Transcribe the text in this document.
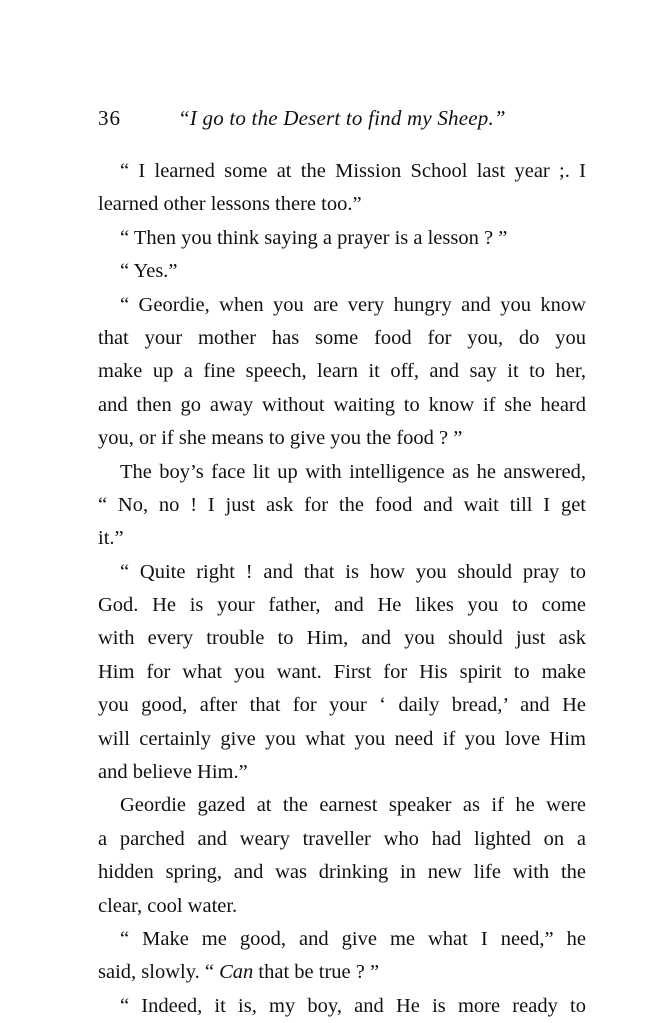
36	“I go to the Desert to find my Sheep.”
“ I learned some at the Mission School last year ;. I
learned other lessons there too.”
“ Then you think saying a prayer is a lesson ? ”
“ Yes.”
“ Geordie, when you are very hungry and you know
that your mother has some food for you, do you
make up a fine speech, learn it off, and say it to her,
and then go away without waiting to know if she heard
you, or if she means to give you the food ? ”
The boy’s face lit up with intelligence as he answered,
“ No, no ! I just ask for the food and wait till I get
it.”
“ Quite right ! and that is how you should pray to
God. He is your father, and He likes you to come
with every trouble to Him, and you should just ask
Him for what you want. First for His spirit to make
you good, after that for your ‘ daily bread,’ and He
will certainly give you what you need if you love Him
and believe Him.”
Geordie gazed at the earnest speaker as if he were
a parched and weary traveller who had lighted on a
hidden spring, and was drinking in new life with the
clear, cool water.
“ Make me good, and give me what I need,” he
said, slowly. “ Can that be true ? ”
“ Indeed, it is, my boy, and He is more ready to
